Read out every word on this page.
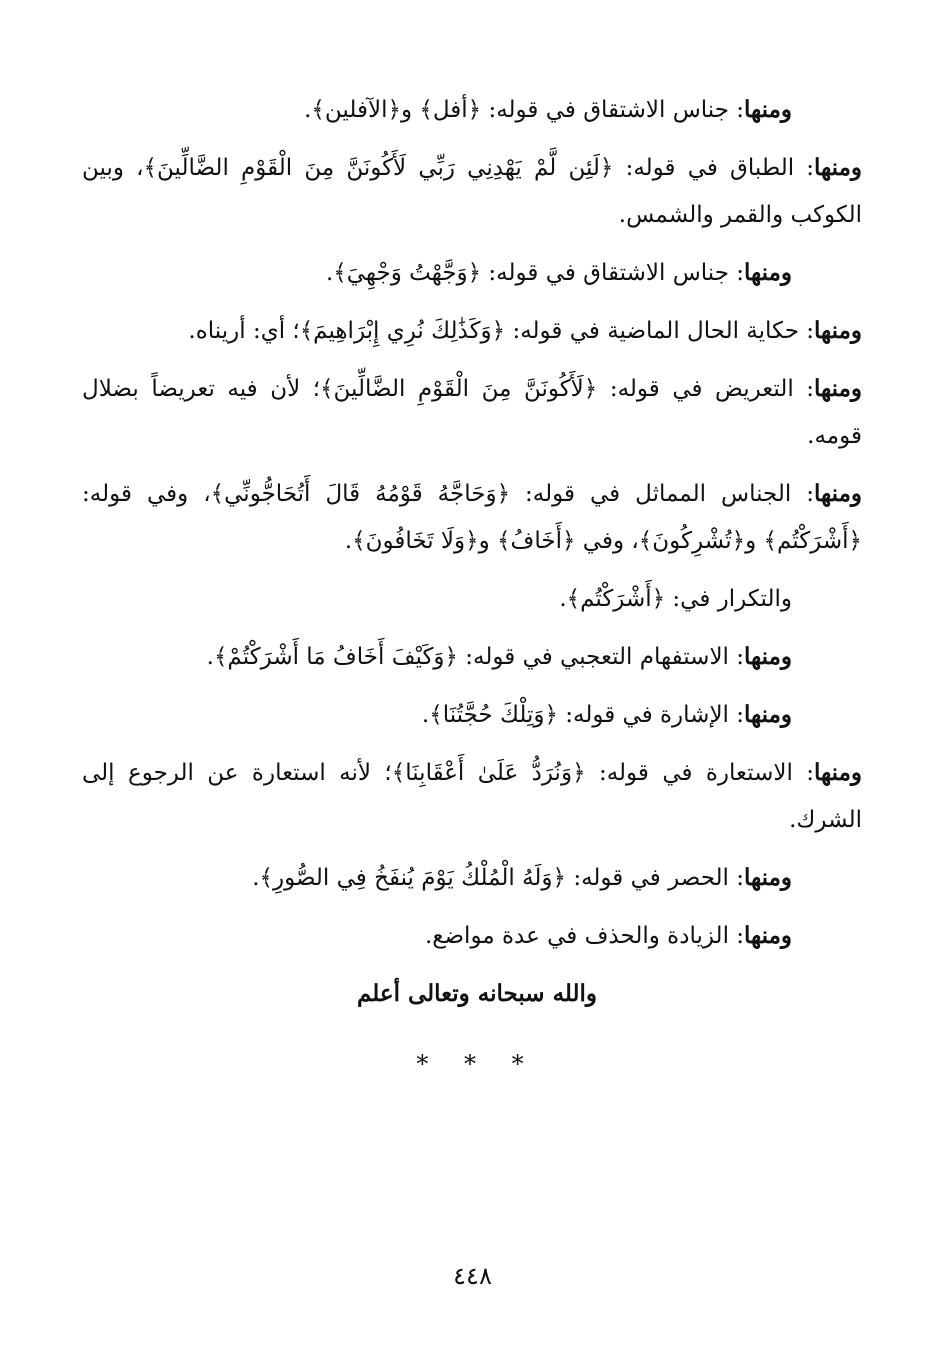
ومنها: جناس الاشتقاق في قوله: ﴿أفل﴾ و﴿الآفلين﴾.

ومنها: الطباق في قوله: ﴿لَئِن لَّمْ يَهْدِنِي رَبِّي لَأَكُونَنَّ مِنَ الْقَوْمِ الضَّالِّينَ﴾، وبين الكوكب والقمر والشمس.

ومنها: جناس الاشتقاق في قوله: ﴿وَجَّهْتُ وَجْهِيَ﴾.

ومنها: حكاية الحال الماضية في قوله: ﴿وَكَذَٰلِكَ نُرِي إِبْرَاهِيمَ﴾؛ أي: أريناه.

ومنها: التعريض في قوله: ﴿لَأَكُونَنَّ مِنَ الْقَوْمِ الضَّالِّينَ﴾؛ لأن فيه تعريضاً بضلال قومه.

ومنها: الجناس المماثل في قوله: ﴿وَحَاجَّهُ قَوْمُهُ قَالَ أَتُحَاجُّونِّي﴾، وفي قوله: ﴿أَشْرَكْتُم﴾ و﴿تُشْرِكُونَ﴾، وفي ﴿أَخَافُ﴾ و﴿وَلَا تَخَافُونَ﴾.

والتكرار في: ﴿أَشْرَكْتُم﴾.

ومنها: الاستفهام التعجبي في قوله: ﴿وَكَيْفَ أَخَافُ مَا أَشْرَكْتُمْ﴾.

ومنها: الإشارة في قوله: ﴿وَتِلْكَ حُجَّتُنَا﴾.

ومنها: الاستعارة في قوله: ﴿وَنُرَدُّ عَلَىٰ أَعْقَابِنَا﴾؛ لأنه استعارة عن الرجوع إلى الشرك.

ومنها: الحصر في قوله: ﴿وَلَهُ الْمُلْكُ يَوْمَ يُنفَخُ فِي الصُّورِ﴾.

ومنها: الزيادة والحذف في عدة مواضع.

والله سبحانه وتعالى أعلم
* * *
٤٤٨
